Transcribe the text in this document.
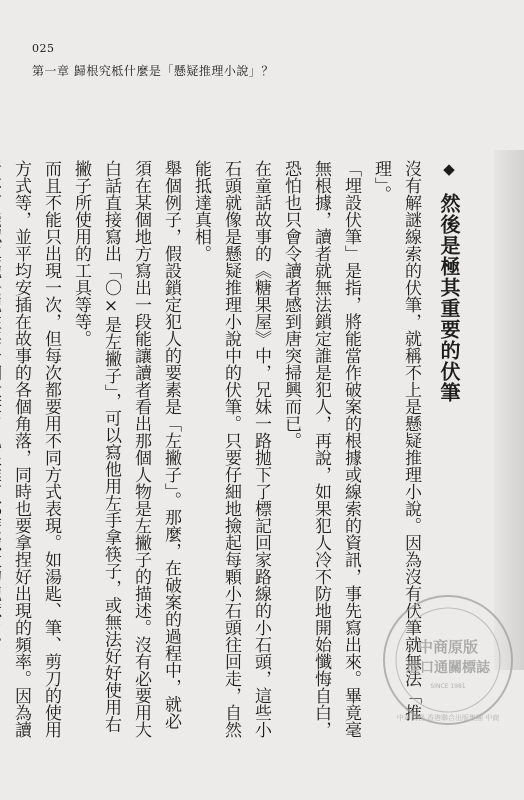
025
第一章 歸根究柢什麼是「懸疑推理小說」？
◆ 然後是極其重要的伏筆
沒有解謎線索的伏筆，就稱不上是懸疑推理小說。因為沒有伏筆就無法「推理」。
「埋設伏筆」是指，將能當作破案的根據或線索的資訊，事先寫出來。畢竟毫無根據，讀者就無法鎖定誰是犯人，再說，如果犯人冷不防地開始懺悔自白，恐怕也只會令讀者感到唐突掃興而已。
在童話故事的《糖果屋》中，兄妹一路拋下了標記回家路線的小石頭，這些小石頭就像是懸疑推理小說中的伏筆。只要仔細地撿起每顆小石頭往回走，自然能抵達真相。
舉個例子，假設鎖定犯人的要素是「左撇子」。那麼，在破案的過程中，就必須在某個地方寫出一段能讓讀者看出那個人物是左撇子的描述。沒有必要用大白話直接寫出「〇×是左撇子」，可以寫他用左手拿筷子，或無法好好使用右撇子所使用的工具等等。
而且不能只出現一次，但每次都要用不同方式表現。如湯匙、筆、剪刀的使用方式等，並平均安插在故事的各個角落，同時也要拿捏好出現的頻率。因為讀
中商原版
進口通關標誌
SINCE 1981
中華商務 香港聯合出版集團 中商
